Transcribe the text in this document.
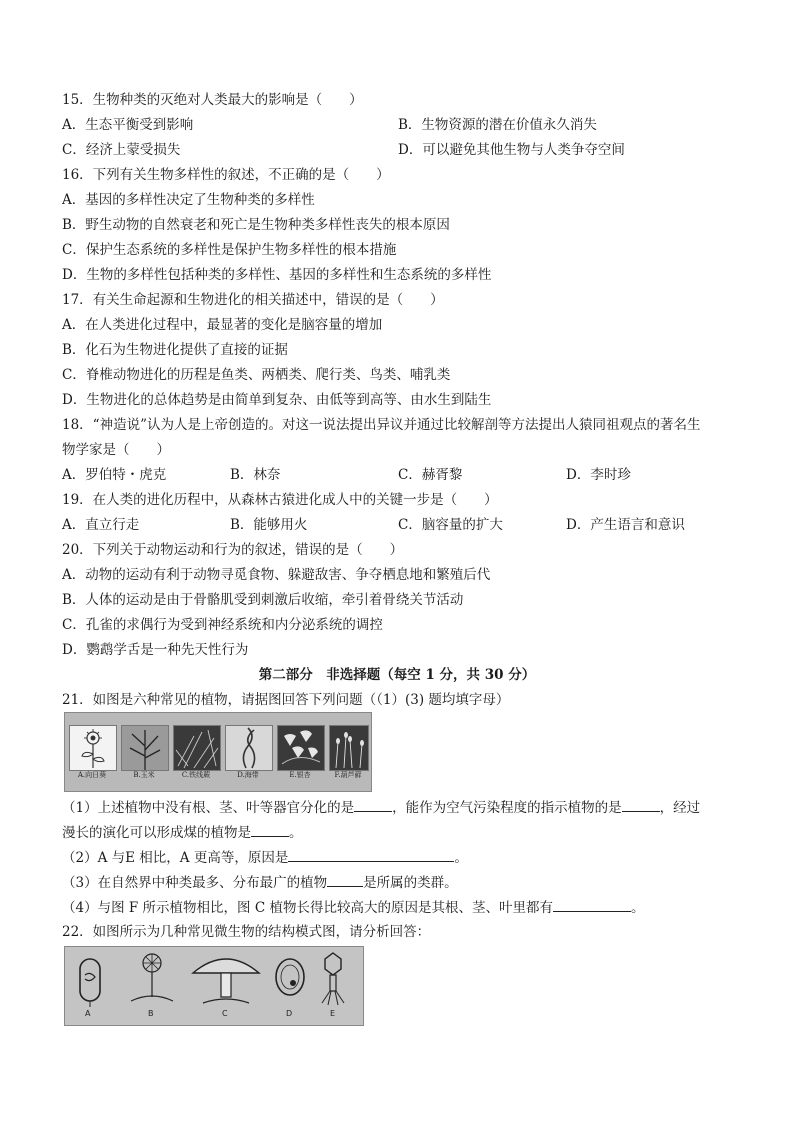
15．生物种类的灭绝对人类最大的影响是（　　）
A．生态平衡受到影响	B．生物资源的潜在价值永久消失
C．经济上蒙受损失	D．可以避免其他生物与人类争夺空间
16．下列有关生物多样性的叙述，不正确的是（　　）
A．基因的多样性决定了生物种类的多样性
B．野生动物的自然衰老和死亡是生物种类多样性丧失的根本原因
C．保护生态系统的多样性是保护生物多样性的根本措施
D．生物的多样性包括种类的多样性、基因的多样性和生态系统的多样性
17．有关生命起源和生物进化的相关描述中，错误的是（　　）
A．在人类进化过程中，最显著的变化是脑容量的增加
B．化石为生物进化提供了直接的证据
C．脊椎动物进化的历程是鱼类、两栖类、爬行类、鸟类、哺乳类
D．生物进化的总体趋势是由简单到复杂、由低等到高等、由水生到陆生
18．“神造说”认为人是上帝创造的。对这一说法提出异议并通过比较解剖等方法提出人猿同祖观点的著名生
物学家是（　　）
A．罗伯特・虎克	B．林奈	C．赫胥黎	D．李时珍
19．在人类的进化历程中，从森林古猿进化成人中的关键一步是（　　）
A．直立行走	B．能够用火	C．脑容量的扩大	D．产生语言和意识
20．下列关于动物运动和行为的叙述，错误的是（　　）
A．动物的运动有利于动物寻觅食物、躲避敌害、争夺栖息地和繁殖后代
B．人体的运动是由于骨骼肌受到刺激后收缩，牵引着骨绕关节活动
C．孔雀的求偶行为受到神经系统和内分泌系统的调控
D．鹦鹉学舌是一种先天性行为
第二部分　非选择题（每空 1 分，共 30 分）
21．如图是六种常见的植物，请据图回答下列问题（（1）(3) 题均填字母）
A.向日葵	B.玉米	C.铁线蕨	D.海带	E.银杏	F.葫芦藓
（1）上述植物中没有根、茎、叶等器官分化的是	，能作为空气污染程度的指示植物的是	，经过
漫长的演化可以形成煤的植物是	。
（2）A 与E 相比，A 更高等，原因是	。
（3）在自然界中种类最多、分布最广的植物	是所属的类群。
（4）与图 F 所示植物相比，图 C 植物长得比较高大的原因是其根、茎、叶里都有	。
22．如图所示为几种常见微生物的结构模式图，请分析回答：
A	B	C	D	E
